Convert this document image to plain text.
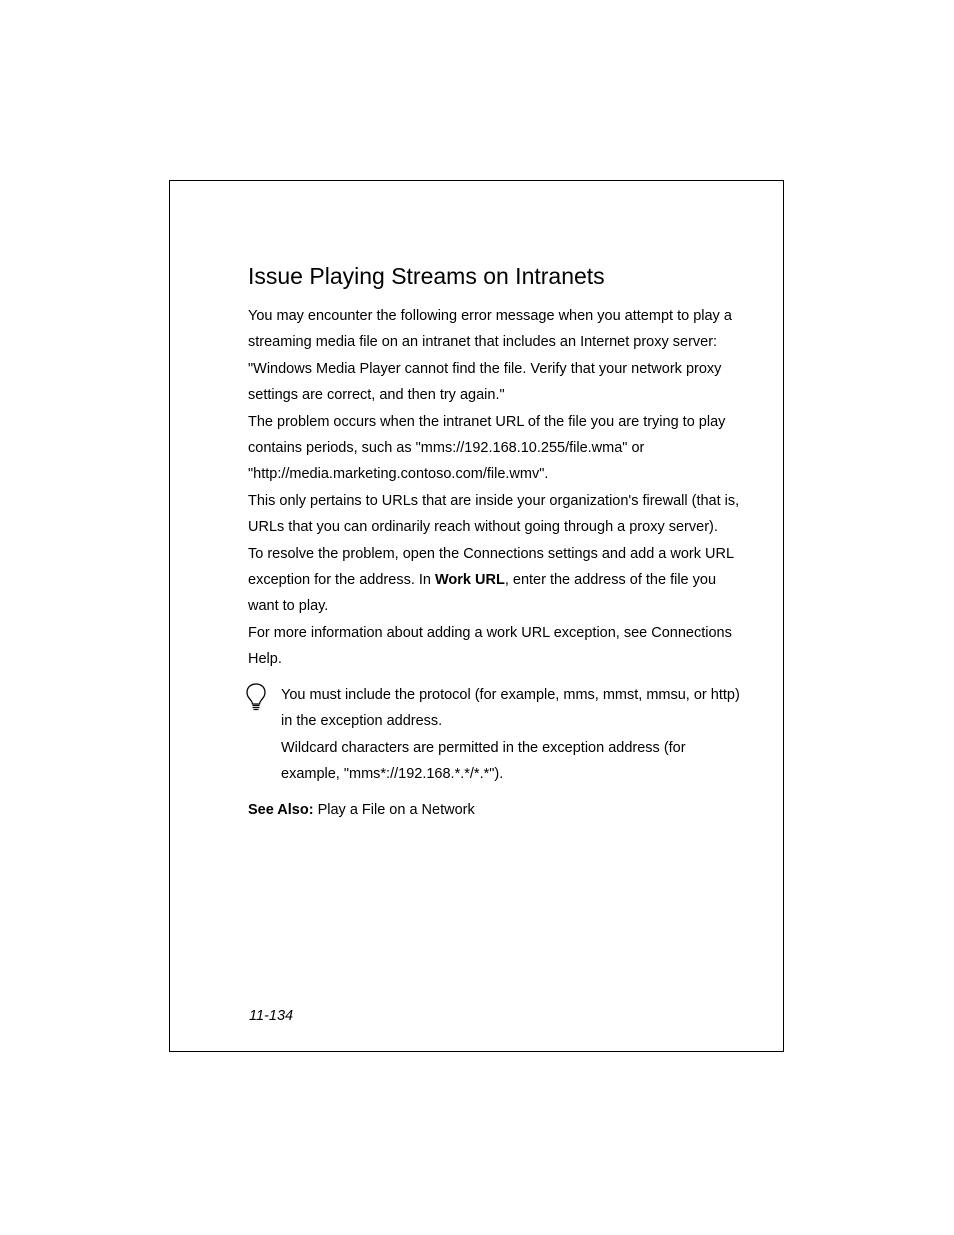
Issue Playing Streams on Intranets

You may encounter the following error message when you attempt to play a streaming media file on an intranet that includes an Internet proxy server: "Windows Media Player cannot find the file. Verify that your network proxy settings are correct, and then try again."

The problem occurs when the intranet URL of the file you are trying to play contains periods, such as "mms://192.168.10.255/file.wma" or "http://media.marketing.contoso.com/file.wmv".

This only pertains to URLs that are inside your organization's firewall (that is, URLs that you can ordinarily reach without going through a proxy server).

To resolve the problem, open the Connections settings and add a work URL exception for the address. In Work URL, enter the address of the file you want to play.

For more information about adding a work URL exception, see Connections Help.

You must include the protocol (for example, mms, mmst, mmsu, or http) in the exception address.

Wildcard characters are permitted in the exception address (for example, "mms*://192.168.*.*/*.*").

See Also: Play a File on a Network
11-134
